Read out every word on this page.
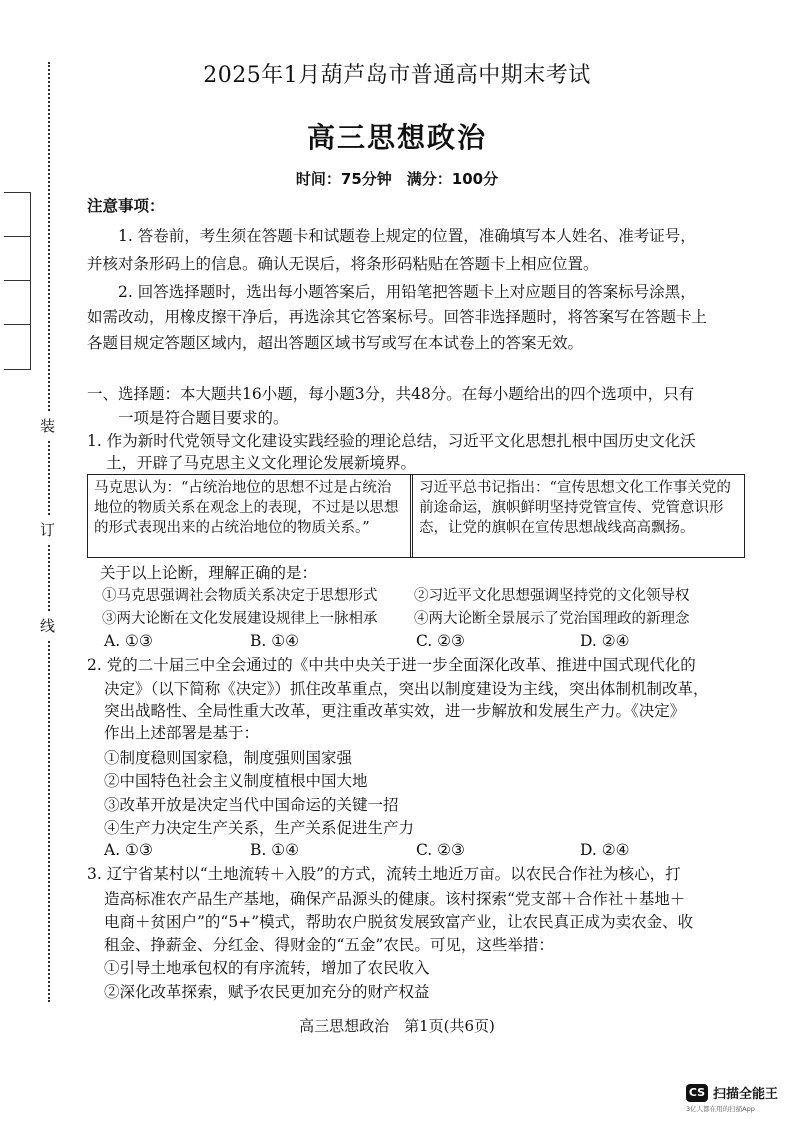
装
订
线
2025年1月葫芦岛市普通高中期末考试
高三思想政治
时间：75分钟　满分：100分
注意事项：
1. 答卷前，考生须在答题卡和试题卷上规定的位置，准确填写本人姓名、准考证号，
并核对条形码上的信息。确认无误后，将条形码粘贴在答题卡上相应位置。
2. 回答选择题时，选出每小题答案后，用铅笔把答题卡上对应题目的答案标号涂黑，
如需改动，用橡皮擦干净后，再选涂其它答案标号。回答非选择题时，将答案写在答题卡上
各题目规定答题区域内，超出答题区域书写或写在本试卷上的答案无效。
一、选择题：本大题共16小题，每小题3分，共48分。在每小题给出的四个选项中，只有
一项是符合题目要求的。
1. 作为新时代党领导文化建设实践经验的理论总结，习近平文化思想扎根中国历史文化沃
土，开辟了马克思主义文化理论发展新境界。
马克思认为：“占统治地位的思想不过是占统治地位的物质关系在观念上的表现，不过是以思想的形式表现出来的占统治地位的物质关系。”
习近平总书记指出：“宣传思想文化工作事关党的前途命运，旗帜鲜明坚持党管宣传、党管意识形态，让党的旗帜在宣传思想战线高高飘扬。
关于以上论断，理解正确的是：
①马克思强调社会物质关系决定于思想形式	②习近平文化思想强调坚持党的文化领导权
③两大论断在文化发展建设规律上一脉相承	④两大论断全景展示了党治国理政的新理念
A. ①③	B. ①④	C. ②③	D. ②④
2. 党的二十届三中全会通过的《中共中央关于进一步全面深化改革、推进中国式现代化的
决定》（以下简称《决定》）抓住改革重点，突出以制度建设为主线，突出体制机制改革，
突出战略性、全局性重大改革，更注重改革实效，进一步解放和发展生产力。《决定》
作出上述部署是基于：
①制度稳则国家稳，制度强则国家强
②中国特色社会主义制度植根中国大地
③改革开放是决定当代中国命运的关键一招
④生产力决定生产关系，生产关系促进生产力
A. ①③	B. ①④	C. ②③	D. ②④
3. 辽宁省某村以“土地流转＋入股”的方式，流转土地近万亩。以农民合作社为核心，打
造高标准农产品生产基地，确保产品源头的健康。该村探索“党支部＋合作社＋基地＋
电商＋贫困户”的“5+”模式，帮助农户脱贫发展致富产业，让农民真正成为卖农金、收
租金、挣薪金、分红金、得财金的“五金”农民。可见，这些举措：
①引导土地承包权的有序流转，增加了农民收入
②深化改革探索，赋予农民更加充分的财产权益
高三思想政治　第1页(共6页)
CS 扫描全能王
3亿人都在用的扫描App
